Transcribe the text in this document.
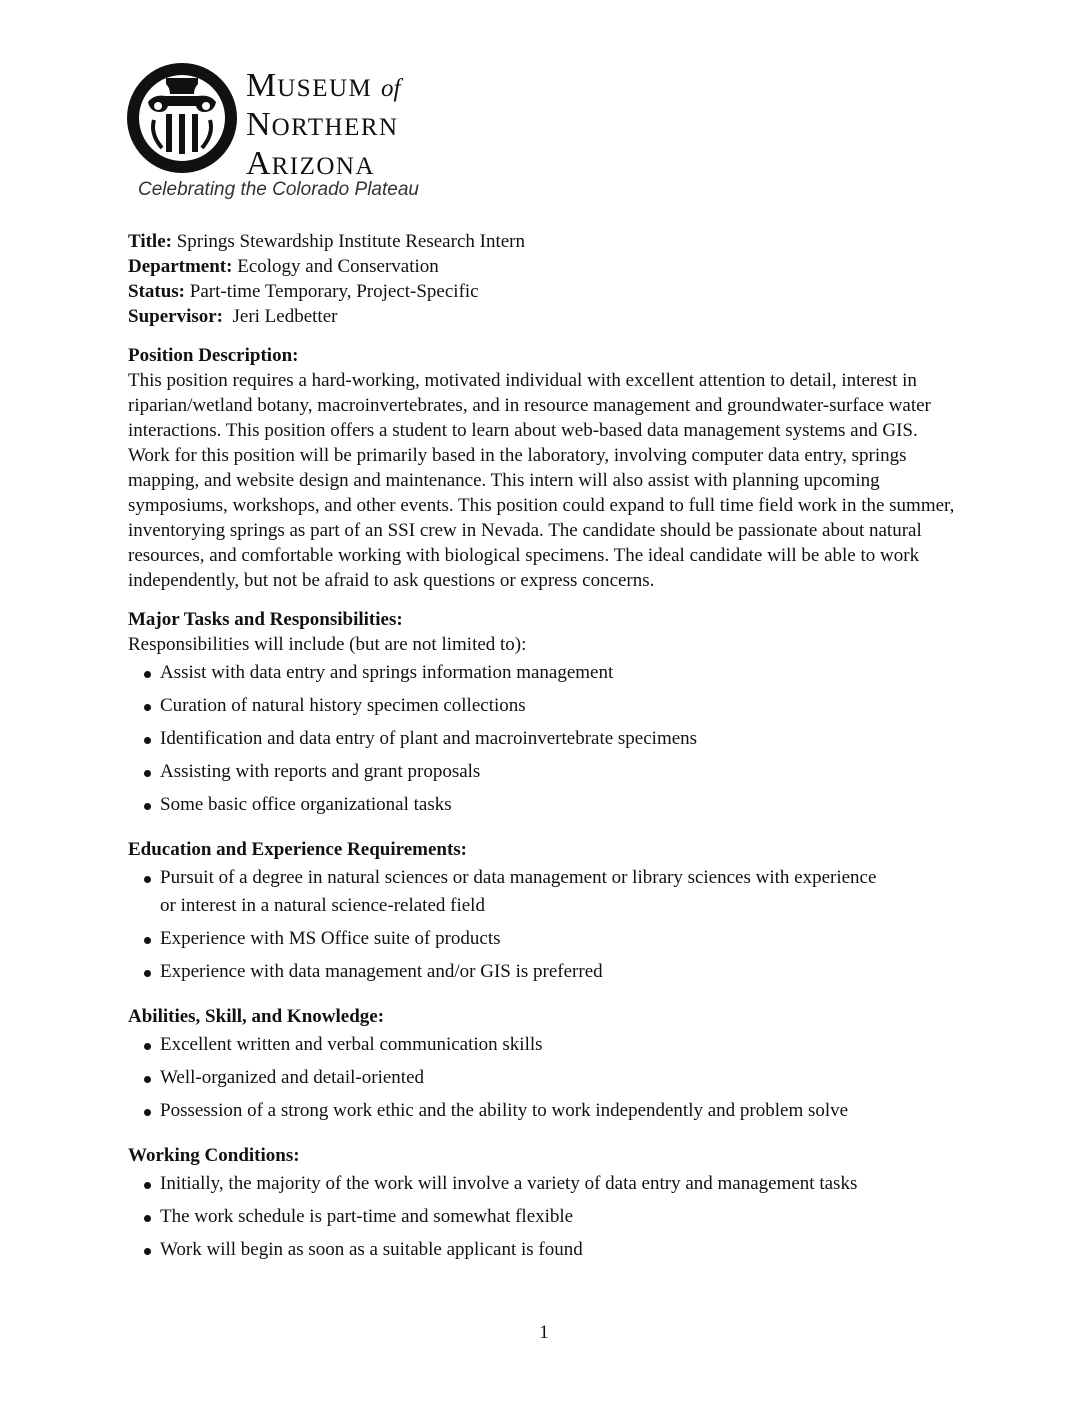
MUSEUM of
NORTHERN
ARIZONA
Celebrating the Colorado Plateau
Title: Springs Stewardship Institute Research Intern
Department: Ecology and Conservation
Status: Part-time Temporary, Project-Specific
Supervisor:  Jeri Ledbetter
Position Description:
This position requires a hard-working, motivated individual with excellent attention to detail, interest in riparian/wetland botany, macroinvertebrates, and in resource management and groundwater-surface water interactions. This position offers a student to learn about web-based data management systems and GIS. Work for this position will be primarily based in the laboratory, involving computer data entry, springs mapping, and website design and maintenance. This intern will also assist with planning upcoming symposiums, workshops, and other events. This position could expand to full time field work in the summer, inventorying springs as part of an SSI crew in Nevada. The candidate should be passionate about natural resources, and comfortable working with biological specimens. The ideal candidate will be able to work independently, but not be afraid to ask questions or express concerns.
Major Tasks and Responsibilities:
Responsibilities will include (but are not limited to):
Assist with data entry and springs information management
Curation of natural history specimen collections
Identification and data entry of plant and macroinvertebrate specimens
Assisting with reports and grant proposals
Some basic office organizational tasks
Education and Experience Requirements:
Pursuit of a degree in natural sciences or data management or library sciences with experience or interest in a natural science-related field
Experience with MS Office suite of products
Experience with data management and/or GIS is preferred
Abilities, Skill, and Knowledge:
Excellent written and verbal communication skills
Well-organized and detail-oriented
Possession of a strong work ethic and the ability to work independently and problem solve
Working Conditions:
Initially, the majority of the work will involve a variety of data entry and management tasks
The work schedule is part-time and somewhat flexible
Work will begin as soon as a suitable applicant is found
1
